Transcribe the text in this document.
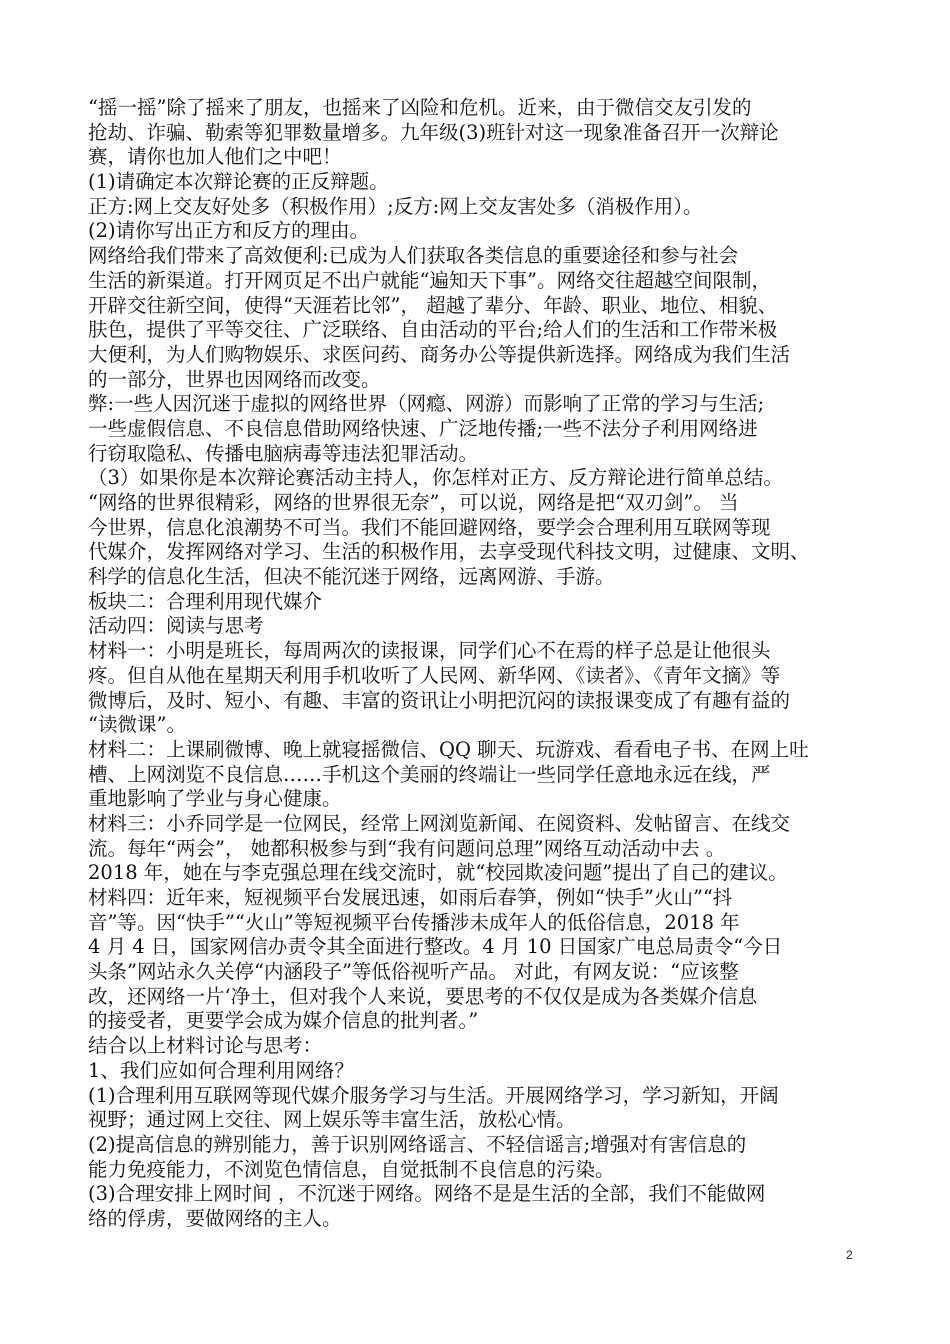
“摇一摇”除了摇来了朋友，也摇来了凶险和危机。近来，由于微信交友引发的
抢劫、诈骗、勒索等犯罪数量增多。九年级(3)班针对这一现象准备召开一次辩论
赛，请你也加人他们之中吧！
(1)请确定本次辩论赛的正反辩题。
正方:网上交友好处多（积极作用）;反方:网上交友害处多（消极作用）。
(2)请你写出正方和反方的理由。
网络给我们带来了高效便利:已成为人们获取各类信息的重要途径和参与社会
生活的新渠道。打开网页足不出户就能“遍知天下事”。网络交往超越空间限制，
开辟交往新空间，使得“天涯若比邻”， 超越了辈分、年龄、职业、地位、相貌、
肤色，提供了平等交往、广泛联络、自由活动的平台;给人们的生活和工作带米极
大便利，为人们购物娱乐、求医问药、商务办公等提供新选择。网络成为我们生活
的一部分，世界也因网络而改变。
弊:一些人因沉迷于虚拟的网络世界（网瘾、网游）而影响了正常的学习与生活;
一些虚假信息、不良信息借助网络快速、广泛地传播;一些不法分子利用网络进
行窃取隐私、传播电脑病毒等违法犯罪活动。
（3）如果你是本次辩论赛活动主持人，你怎样对正方、反方辩论进行简单总结。
“网络的世界很精彩，网络的世界很无奈”，可以说，网络是把“双刃剑”。 当
今世界，信息化浪潮势不可当。我们不能回避网络，要学会合理利用互联网等现
代媒介，发挥网络对学习、生活的积极作用，去享受现代科技文明，过健康、文明、
科学的信息化生活，但决不能沉迷于网络，远离网游、手游。
板块二：合理利用现代媒介
活动四：阅读与思考
材料一：小明是班长，每周两次的读报课，同学们心不在焉的样子总是让他很头
疼。但自从他在星期天利用手机收听了人民网、新华网、《读者》、《青年文摘》等
微博后，及时、短小、有趣、丰富的资讯让小明把沉闷的读报课变成了有趣有益的
“读微课”。
材料二：上课刷微博、晚上就寝摇微信、QQ 聊天、玩游戏、看看电子书、在网上吐
槽、上网浏览不良信息……手机这个美丽的终端让一些同学任意地永远在线，严
重地影响了学业与身心健康。
材料三：小乔同学是一位网民，经常上网浏览新闻、在阅资料、发帖留言、在线交
流。每年“两会”， 她都积极参与到“我有问题问总理”网络互动活动中去 。
2018 年，她在与李克强总理在线交流时，就“校园欺凌问题”提出了自己的建议。
材料四：近年来，短视频平台发展迅速，如雨后春笋，例如“快手”火山”“抖
音”等。因“快手”“火山”等短视频平台传播涉未成年人的低俗信息，2018 年
4 月 4 日，国家网信办责令其全面进行整改。4 月 10 日国家广电总局责令“今日
头条”网站永久关停“内涵段子”等低俗视听产品。 对此，有网友说：“应该整
改，还网络一片‘净土，但对我个人来说，要思考的不仅仅是成为各类媒介信息
的接受者，更要学会成为媒介信息的批判者。”
结合以上材料讨论与思考：
1、我们应如何合理利用网络？
(1)合理利用互联网等现代媒介服务学习与生活。开展网络学习，学习新知，开阔
视野；通过网上交往、网上娱乐等丰富生活，放松心情。
(2)提高信息的辨别能力，善于识别网络谣言、不轻信谣言;增强对有害信息的
能力免疫能力，不浏览色情信息，自觉抵制不良信息的污染。
(3)合理安排上网时间 ，不沉迷于网络。网络不是是生活的全部，我们不能做网
络的俘虏，要做网络的主人。
2
